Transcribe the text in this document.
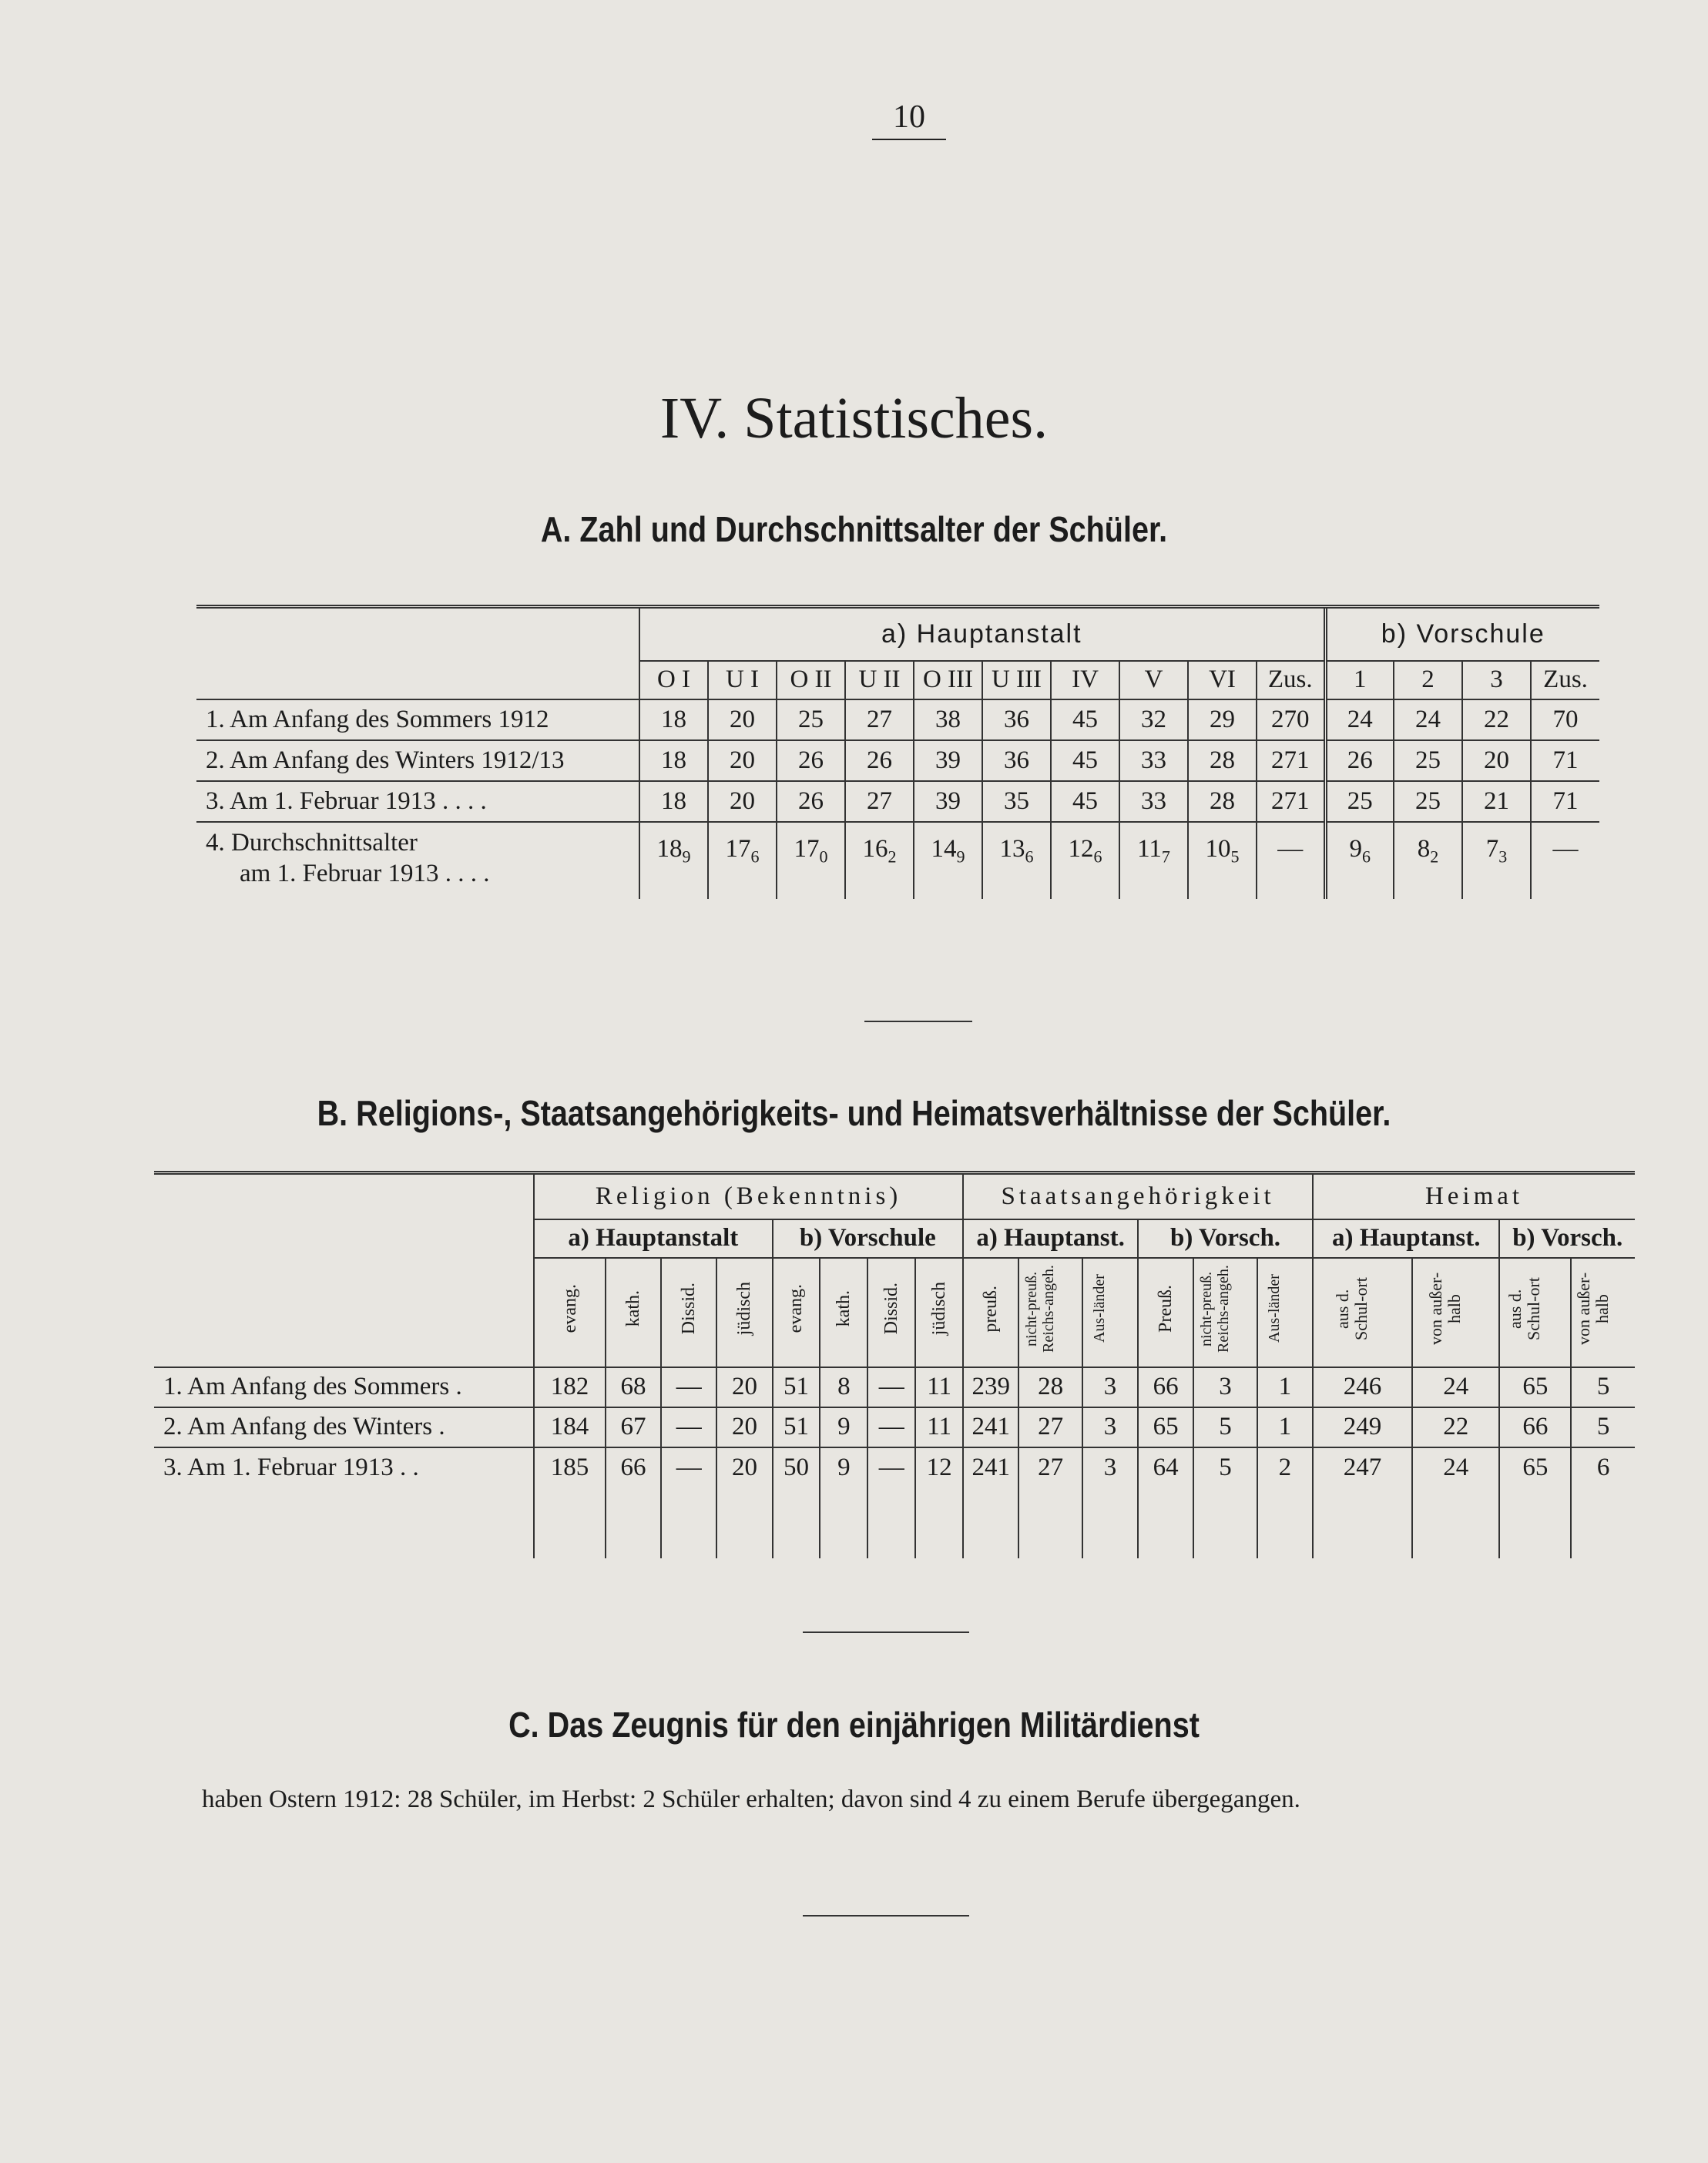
10
IV. Statistisches.
A. Zahl und Durchschnittsalter der Schüler.
	a) Hauptanstalt										b) Vorschule			
	O I	U I	O II	U II	O III	U III	IV	V	VI	Zus.	1	2	3	Zus.
1. Am Anfang des Sommers 1912	18	20	25	27	38	36	45	32	29	270	24	24	22	70
2. Am Anfang des Winters 1912/13	18	20	26	26	39	36	45	33	28	271	26	25	20	71
3. Am 1. Februar 1913 . . . .	18	20	26	27	39	35	45	33	28	271	25	25	21	71

4. Durchschnittsalter
am 1. Februar 1913 . . . .	$18_9$	$17_6$	$17_0$	$16_2$	$14_9$	$13_6$	$12_6$	$11_7$	$10_5$	—	$9_6$	$8_2$	$7_3$	—
B. Religions-, Staatsangehörigkeits- und Heimatsverhältnisse der Schüler.
	Religion (Bekenntnis)								Staatsangehörigkeit						Heimat			
	a) Hauptanstalt				b) Vorschule				a) Hauptanst.			b) Vorsch.			a) Hauptanst.		b) Vorsch.	
	evang.	kath.	Dissid.	jüdisch	evang.	kath.	Dissid.	jüdisch	preuß.	nicht-preuß. Reichs-angeh.	Aus-länder	Preuß.	nicht-preuß. Reichs-angeh.	Aus-länder	aus d. Schul-ort	von außer-halb	aus d. Schul-ort	von außer-halb
1. Am Anfang des Sommers .	182	68	—	20	51	8	—	11	239	28	3	66	3	1	246	24	65	5
2. Am Anfang des Winters .	184	67	—	20	51	9	—	11	241	27	3	65	5	1	249	22	66	5
3. Am 1. Februar 1913 . .	185	66	—	20	50	9	—	12	241	27	3	64	5	2	247	24	65	6

C. Das Zeugnis für den einjährigen Militärdienst
haben Ostern 1912: 28 Schüler, im Herbst: 2 Schüler erhalten; davon sind 4 zu einem Berufe übergegangen.
